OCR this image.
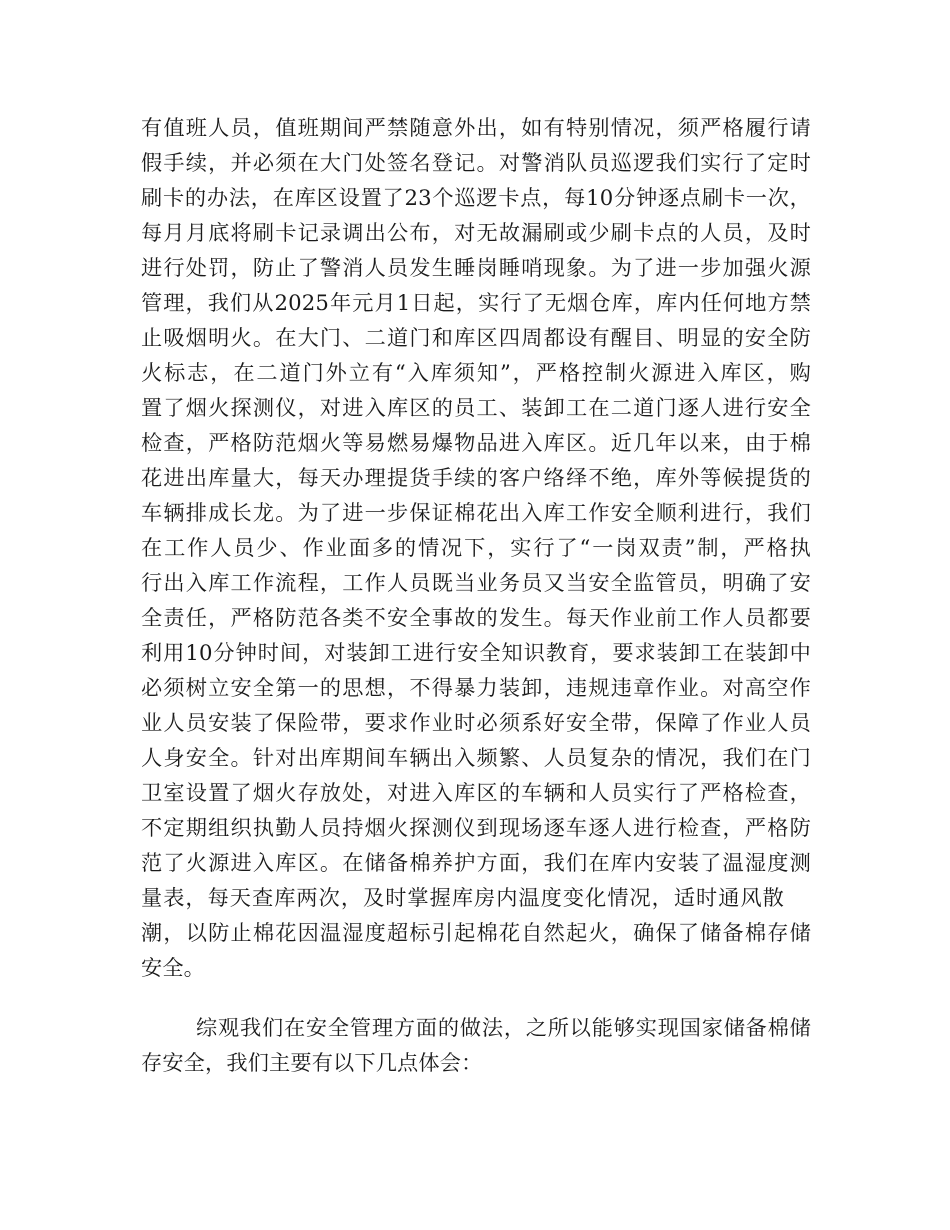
有值班人员，值班期间严禁随意外出，如有特别情况，须严格履行请
假手续，并必须在大门处签名登记。对警消队员巡逻我们实行了定时
刷卡的办法，在库区设置了23个巡逻卡点，每10分钟逐点刷卡一次，
每月月底将刷卡记录调出公布，对无故漏刷或少刷卡点的人员，及时
进行处罚，防止了警消人员发生睡岗睡哨现象。为了进一步加强火源
管理，我们从2025年元月1日起，实行了无烟仓库，库内任何地方禁
止吸烟明火。在大门、二道门和库区四周都设有醒目、明显的安全防
火标志，在二道门外立有“入库须知”，严格控制火源进入库区，购
置了烟火探测仪，对进入库区的员工、装卸工在二道门逐人进行安全
检查，严格防范烟火等易燃易爆物品进入库区。近几年以来，由于棉
花进出库量大，每天办理提货手续的客户络绎不绝，库外等候提货的
车辆排成长龙。为了进一步保证棉花出入库工作安全顺利进行，我们
在工作人员少、作业面多的情况下，实行了“一岗双责”制，严格执
行出入库工作流程，工作人员既当业务员又当安全监管员，明确了安
全责任，严格防范各类不安全事故的发生。每天作业前工作人员都要
利用10分钟时间，对装卸工进行安全知识教育，要求装卸工在装卸中
必须树立安全第一的思想，不得暴力装卸，违规违章作业。对高空作
业人员安装了保险带，要求作业时必须系好安全带，保障了作业人员
人身安全。针对出库期间车辆出入频繁、人员复杂的情况，我们在门
卫室设置了烟火存放处，对进入库区的车辆和人员实行了严格检查，
不定期组织执勤人员持烟火探测仪到现场逐车逐人进行检查，严格防
范了火源进入库区。在储备棉养护方面，我们在库内安装了温湿度测
量表，每天查库两次，及时掌握库房内温度变化情况，适时通风散
潮，以防止棉花因温湿度超标引起棉花自然起火，确保了储备棉存储
安全。
综观我们在安全管理方面的做法，之所以能够实现国家储备棉储
存安全，我们主要有以下几点体会：
